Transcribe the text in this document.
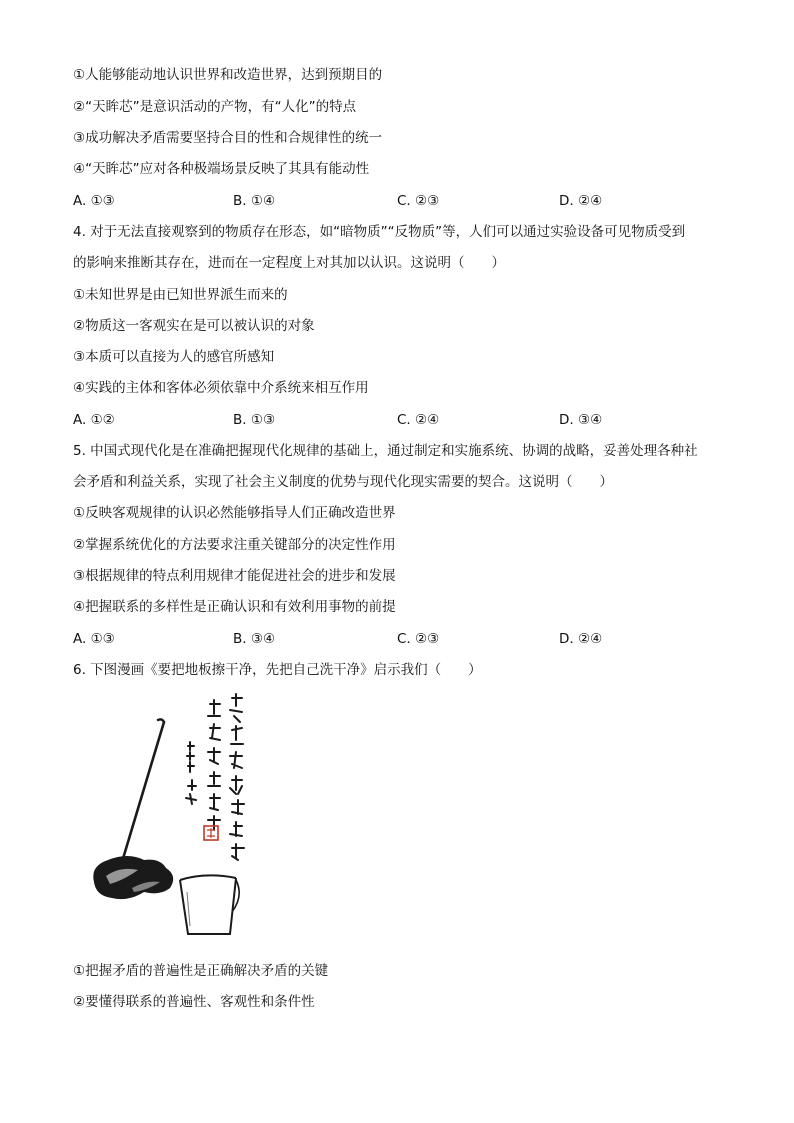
①人能够能动地认识世界和改造世界，达到预期目的
②“天眸芯”是意识活动的产物，有“人化”的特点
③成功解决矛盾需要坚持合目的性和合规律性的统一
④“天眸芯”应对各种极端场景反映了其具有能动性
A. ①③	B. ①④	C. ②③	D. ②④
4. 对于无法直接观察到的物质存在形态，如“暗物质”“反物质”等，人们可以通过实验设备可见物质受到
的影响来推断其存在，进而在一定程度上对其加以认识。这说明（　　）
①未知世界是由已知世界派生而来的
②物质这一客观实在是可以被认识的对象
③本质可以直接为人的感官所感知
④实践的主体和客体必须依靠中介系统来相互作用
A. ①②	B. ①③	C. ②④	D. ③④
5. 中国式现代化是在准确把握现代化规律的基础上，通过制定和实施系统、协调的战略，妥善处理各种社
会矛盾和利益关系，实现了社会主义制度的优势与现代化现实需要的契合。这说明（　　）
①反映客观规律的认识必然能够指导人们正确改造世界
②掌握系统优化的方法要求注重关键部分的决定性作用
③根据规律的特点利用规律才能促进社会的进步和发展
④把握联系的多样性是正确认识和有效利用事物的前提
A. ①③	B. ③④	C. ②③	D. ②④
6. 下图漫画《要把地板擦干净，先把自己洗干净》启示我们（　　）
①把握矛盾的普遍性是正确解决矛盾的关键
②要懂得联系的普遍性、客观性和条件性
